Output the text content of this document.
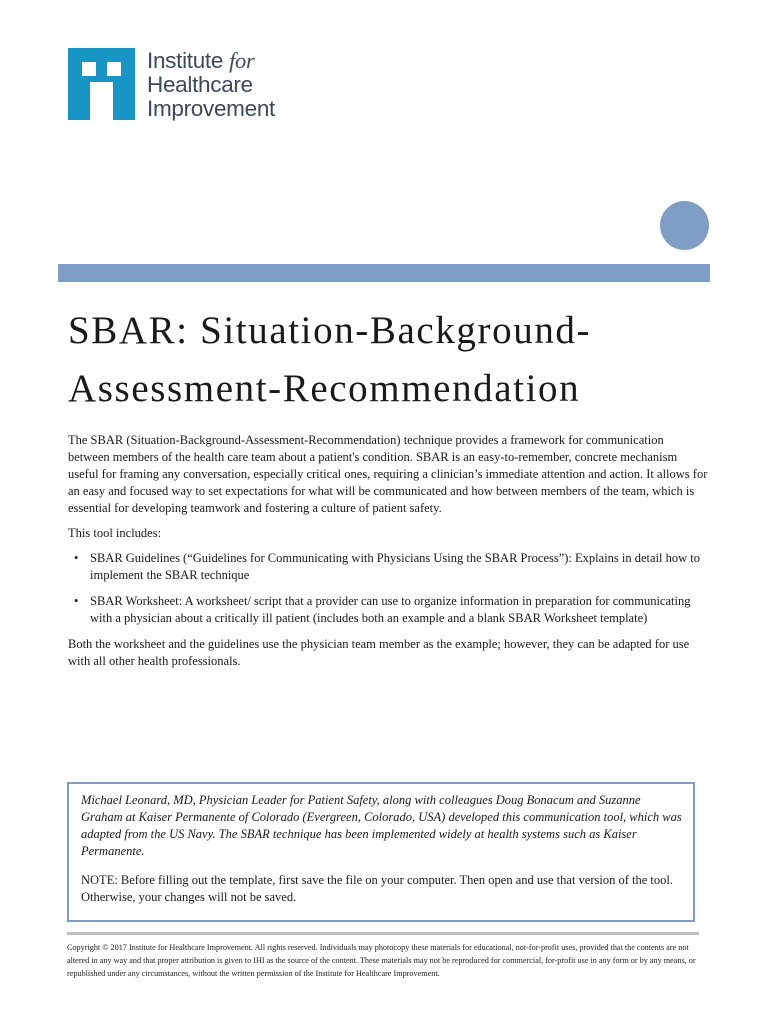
Institute for
Healthcare
Improvement
SBAR: Situation-Background-
Assessment-Recommendation

The SBAR (Situation-Background-Assessment-Recommendation) technique provides a framework for communication between members of the health care team about a patient's condition. SBAR is an easy-to-remember, concrete mechanism useful for framing any conversation, especially critical ones, requiring a clinician’s immediate attention and action. It allows for an easy and focused way to set expectations for what will be communicated and how between members of the team, which is essential for developing teamwork and fostering a culture of patient safety.

This tool includes:

• SBAR Guidelines (“Guidelines for Communicating with Physicians Using the SBAR Process”): Explains in detail how to implement the SBAR technique
• SBAR Worksheet: A worksheet/ script that a provider can use to organize information in preparation for communicating with a physician about a critically ill patient (includes both an example and a blank SBAR Worksheet template)

Both the worksheet and the guidelines use the physician team member as the example; however, they can be adapted for use with all other health professionals.

Michael Leonard, MD, Physician Leader for Patient Safety, along with colleagues Doug Bonacum and Suzanne Graham at Kaiser Permanente of Colorado (Evergreen, Colorado, USA) developed this communication tool, which was adapted from the US Navy. The SBAR technique has been implemented widely at health systems such as Kaiser Permanente.

NOTE: Before filling out the template, first save the file on your computer. Then open and use that version of the tool. Otherwise, your changes will not be saved.

Copyright © 2017 Institute for Healthcare Improvement. All rights reserved. Individuals may photocopy these materials for educational, not-for-profit uses, provided that the contents are not altered in any way and that proper attribution is given to IHI as the source of the content. These materials may not be reproduced for commercial, for-profit use in any form or by any means, or republished under any circumstances, without the written permission of the Institute for Healthcare Improvement.
